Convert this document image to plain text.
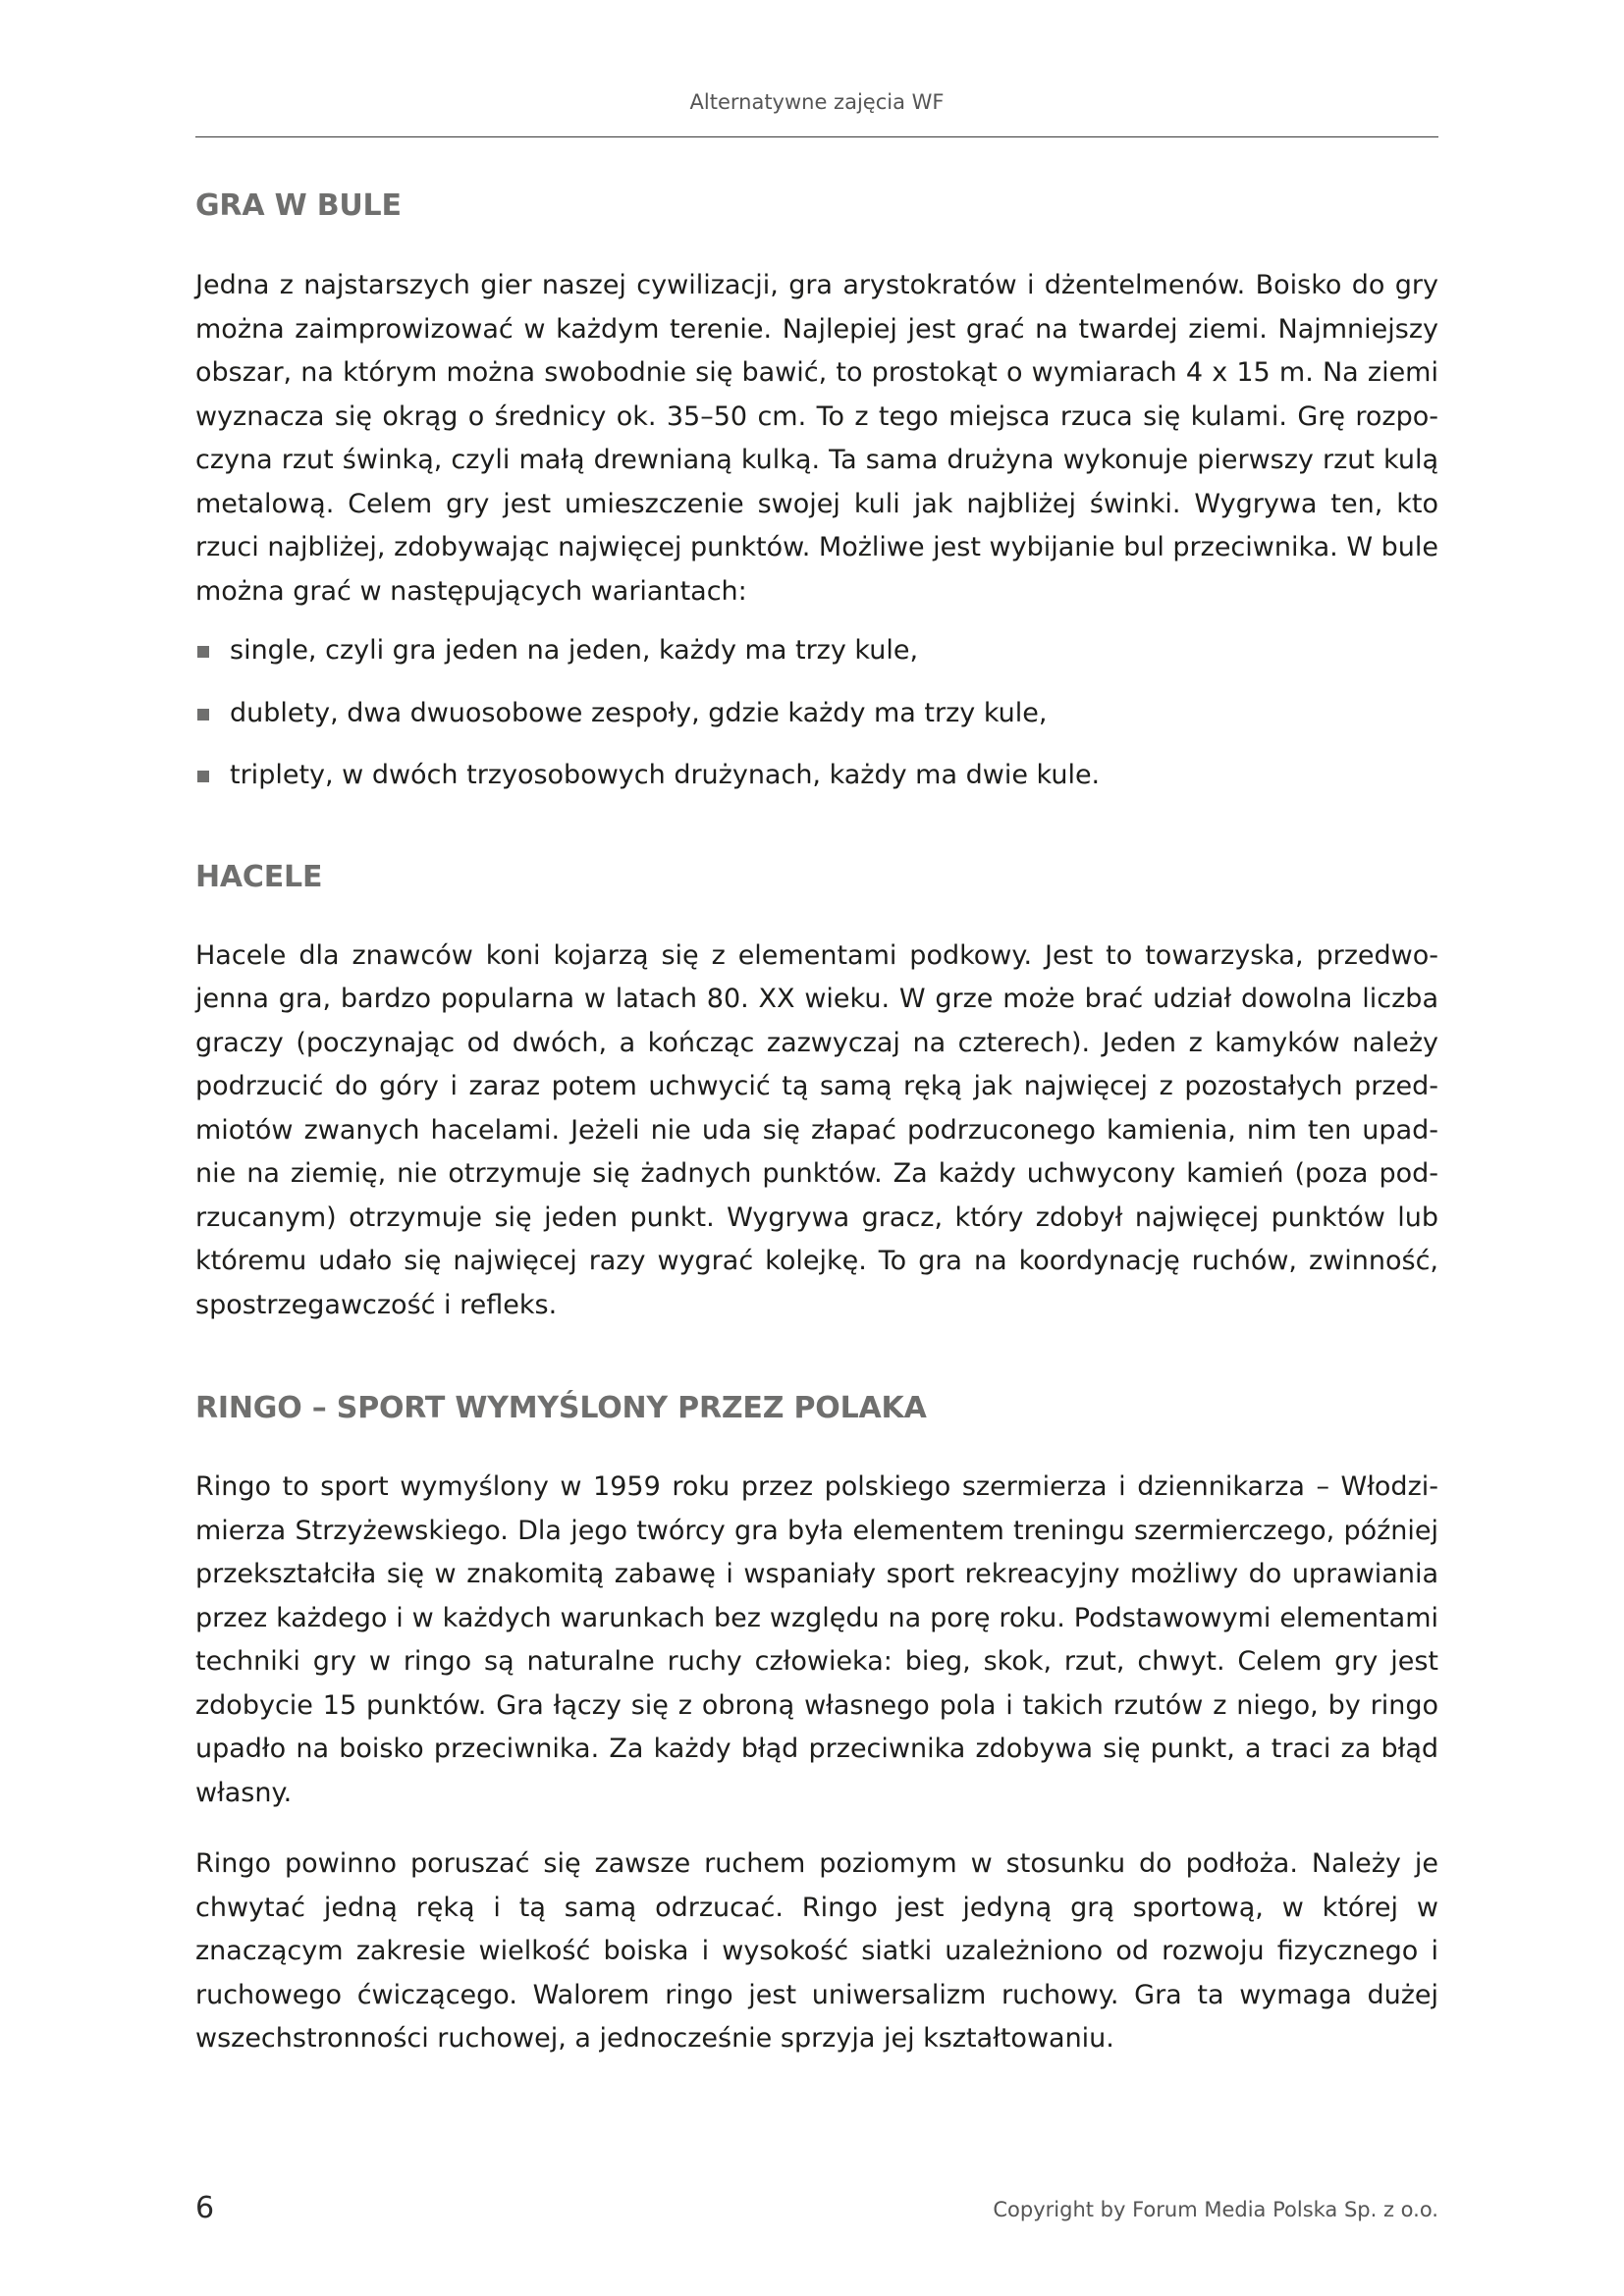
Alternatywne zajęcia WF
GRA W BULE

Jedna z najstarszych gier naszej cywilizacji, gra arystokratów i dżentelmenów. Boisko do gry można zaimprowizować w każdym terenie. Najlepiej jest grać na twardej ziemi. Najmniejszy obszar, na którym można swobodnie się bawić, to prostokąt o wymiarach 4 x 15 m. Na ziemi wyznacza się okrąg o średnicy ok. 35–50 cm. To z tego miejsca rzuca się kulami. Grę rozpoczyna rzut świnką, czyli małą drewnianą kulką. Ta sama drużyna wykonuje pierwszy rzut kulą metalową. Celem gry jest umieszczenie swojej kuli jak najbliżej świnki. Wygrywa ten, kto rzuci najbliżej, zdobywając najwięcej punktów. Możliwe jest wybijanie bul przeciwnika. W bule można grać w następujących wariantach:

single, czyli gra jeden na jeden, każdy ma trzy kule,
dublety, dwa dwuosobowe zespoły, gdzie każdy ma trzy kule,
triplety, w dwóch trzyosobowych drużynach, każdy ma dwie kule.
HACELE

Hacele dla znawców koni kojarzą się z elementami podkowy. Jest to towarzyska, przedwojenna gra, bardzo popularna w latach 80. XX wieku. W grze może brać udział dowolna liczba graczy (poczynając od dwóch, a kończąc zazwyczaj na czterech). Jeden z kamyków należy podrzucić do góry i zaraz potem uchwycić tą samą ręką jak najwięcej z pozostałych przedmiotów zwanych hacelami. Jeżeli nie uda się złapać podrzuconego kamienia, nim ten upadnie na ziemię, nie otrzymuje się żadnych punktów. Za każdy uchwycony kamień (poza podrzucanym) otrzymuje się jeden punkt. Wygrywa gracz, który zdobył najwięcej punktów lub któremu udało się najwięcej razy wygrać kolejkę. To gra na koordynację ruchów, zwinność, spostrzegawczość i refleks.

RINGO – SPORT WYMYŚLONY PRZEZ POLAKA

Ringo to sport wymyślony w 1959 roku przez polskiego szermierza i dziennikarza – Włodzimierza Strzyżewskiego. Dla jego twórcy gra była elementem treningu szermierczego, później przekształciła się w znakomitą zabawę i wspaniały sport rekreacyjny możliwy do uprawiania przez każdego i w każdych warunkach bez względu na porę roku. Podstawowymi elementami techniki gry w ringo są naturalne ruchy człowieka: bieg, skok, rzut, chwyt. Celem gry jest zdobycie 15 punktów. Gra łączy się z obroną własnego pola i takich rzutów z niego, by ringo upadło na boisko przeciwnika. Za każdy błąd przeciwnika zdobywa się punkt, a traci za błąd własny.

Ringo powinno poruszać się zawsze ruchem poziomym w stosunku do podłoża. Należy je chwytać jedną ręką i tą samą odrzucać. Ringo jest jedyną grą sportową, w której w znaczącym zakresie wielkość boiska i wysokość siatki uzależniono od rozwoju fizycznego i ruchowego ćwiczącego. Walorem ringo jest uniwersalizm ruchowy. Gra ta wymaga dużej wszechstronności ruchowej, a jednocześnie sprzyja jej kształtowaniu.

6	Copyright by Forum Media Polska Sp. z o.o.
